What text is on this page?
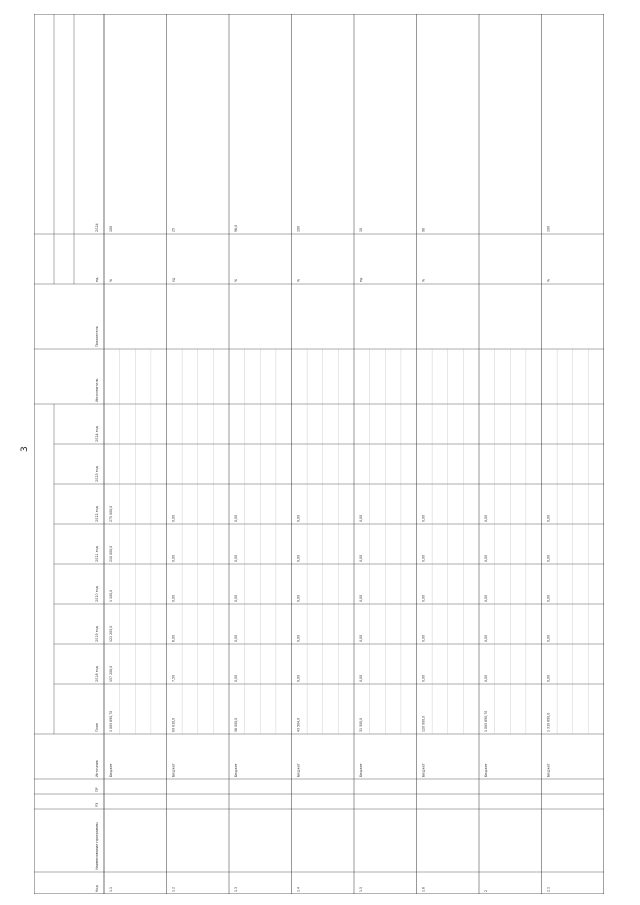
3
Код
Наименование программы
РЗ
ПР
Источник
План
2018 год
2019 год
2020 год
2021 год
2022 год
2023 год
2024 год
Исполнитель
Показатель
ед.
2024
1.1
Бюджет
1 085 690,70
157 208,0
121 205,0
1 100,0
210 000,0
275 000,0
%
100
1.2
Бюджет
89 810,0
7,50
6,00
0,00
0,00
0,00
ед.
25
1.3
Бюджет
56 000,0
0,00
0,00
0,00
0,00
0,00
%
96,0
1.4
Бюджет
43 504,0
0,00
0,00
0,00
0,00
0,00
%
100
1.5
Бюджет
31 500,0
0,00
0,00
0,00
0,00
0,00
ед.
10
1.6
Бюджет
120 000,0
0,00
0,00
0,00
0,00
0,00
%
98
2
Бюджет
1 085 690,70
0,00
0,00
0,00
0,00
0,00
2.1
Бюджет
1 310 690,0
0,00
0,00
0,00
0,00
0,00
%
100
